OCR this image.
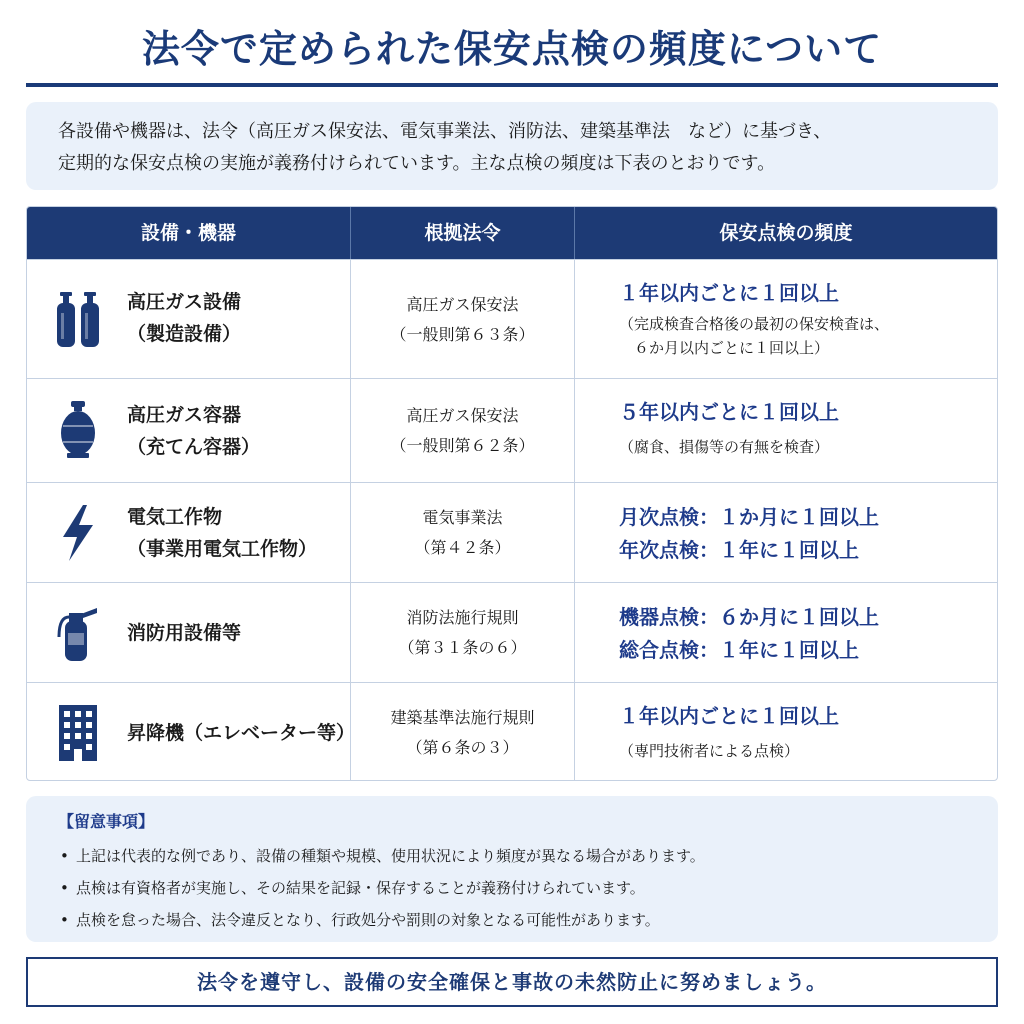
法令で定められた保安点検の頻度について
各設備や機器は、法令（高圧ガス保安法、電気事業法、消防法、建築基準法　など）に基づき、
定期的な保安点検の実施が義務付けられています。主な点検の頻度は下表のとおりです。
設備・機器	根拠法令	保安点検の頻度
高圧ガス設備
（製造設備）
高圧ガス保安法
（一般則第６３条）
１年以内ごとに１回以上
（完成検査合格後の最初の保安検査は、
　６か月以内ごとに１回以上）
高圧ガス容器
（充てん容器）
高圧ガス保安法
（一般則第６２条）
５年以内ごとに１回以上
（腐食、損傷等の有無を検査）
電気工作物
（事業用電気工作物）
電気事業法
（第４２条）
月次点検：１か月に１回以上
年次点検：１年に１回以上
消防用設備等
消防法施行規則
（第３１条の６）
機器点検：６か月に１回以上
総合点検：１年に１回以上
昇降機（エレベーター等）
建築基準法施行規則
（第６条の３）
１年以内ごとに１回以上
（専門技術者による点検）
【留意事項】
• 上記は代表的な例であり、設備の種類や規模、使用状況により頻度が異なる場合があります。
• 点検は有資格者が実施し、その結果を記録・保存することが義務付けられています。
• 点検を怠った場合、法令違反となり、行政処分や罰則の対象となる可能性があります。
法令を遵守し、設備の安全確保と事故の未然防止に努めましょう。
